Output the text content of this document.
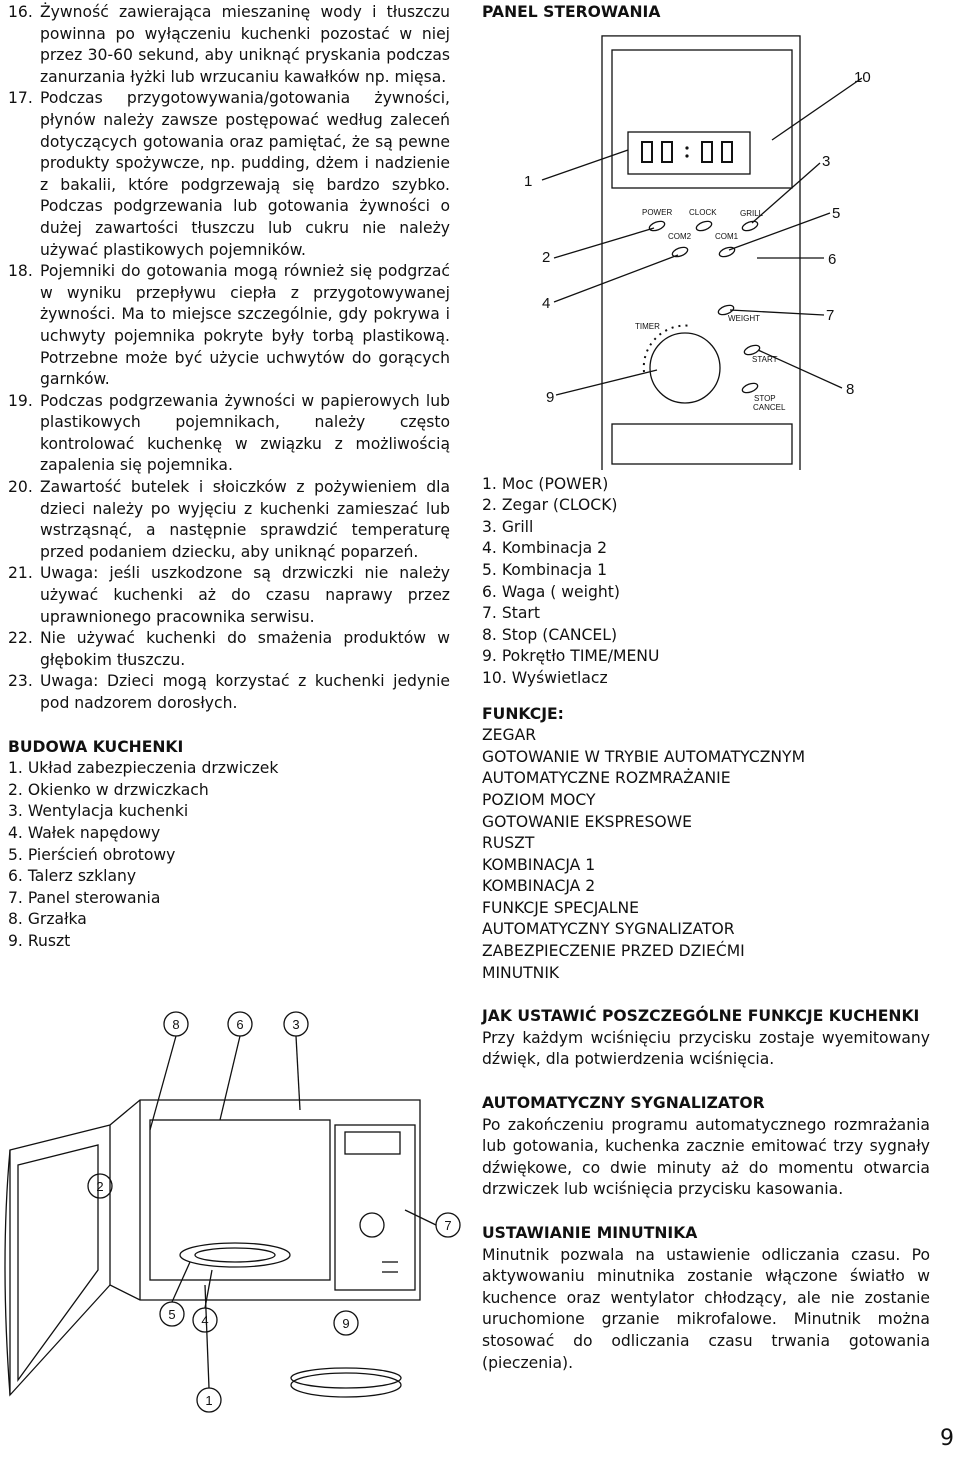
16. Żywność zawierająca mieszaninę wody i tłuszczu powinna po wyłączeniu kuchenki pozostać w niej przez 30-60 sekund, aby uniknąć pryskania podczas zanurzania łyżki lub wrzucaniu kawałków np. mięsa.
17. Podczas przygotowywania/gotowania żywności, płynów należy zawsze postępować według zaleceń dotyczących gotowania oraz pamiętać, że są pewne produkty spożywcze, np. pudding, dżem i nadzienie z bakalii, które podgrzewają się bardzo szybko. Podczas podgrzewania lub gotowania żywności o dużej zawartości tłuszczu lub cukru nie należy używać plastikowych pojemników.
18. Pojemniki do gotowania mogą również się podgrzać w wyniku przepływu ciepła z przygotowywanej żywności. Ma to miejsce szczególnie, gdy pokrywa i uchwyty pojemnika pokryte były torbą plastikową. Potrzebne może być użycie uchwytów do gorących garnków.
19. Podczas podgrzewania żywności w papierowych lub plastikowych pojemnikach, należy często kontrolować kuchenkę w związku z możliwością zapalenia się pojemnika.
20. Zawartość butelek i słoiczków z pożywieniem dla dzieci należy po wyjęciu z kuchenki zamieszać lub wstrząsnąć, a następnie sprawdzić temperaturę przed podaniem dziecku, aby uniknąć poparzeń.
21. Uwaga: jeśli uszkodzone są drzwiczki nie należy używać kuchenki aż do czasu naprawy przez uprawnionego pracownika serwisu.
22. Nie używać kuchenki do smażenia produktów w głębokim tłuszczu.
23. Uwaga: Dzieci mogą korzystać z kuchenki jedynie pod nadzorem dorosłych.
BUDOWA KUCHENKI
1. Układ zabezpieczenia drzwiczek
2. Okienko w drzwiczkach
3. Wentylacja kuchenki
4. Wałek napędowy
5. Pierścień obrotowy
6. Talerz szklany
7. Panel sterowania
8. Grzałka
9. Ruszt
8	6	3
2
7
5 4	9
1
PANEL STEROWANIA
POWER CLOCK	GRILL
COM2	COM1
TIMER
WEIGHT
START
STOP
CANCEL
1
2
4
9
10
3
5
6
7
8
1. Moc (POWER)
2. Zegar (CLOCK)
3. Grill
4. Kombinacja 2
5. Kombinacja 1
6. Waga ( weight)
7. Start
8. Stop (CANCEL)
9. Pokrętło TIME/MENU
10. Wyświetlacz
FUNKCJE:
ZEGAR
GOTOWANIE W TRYBIE AUTOMATYCZNYM
AUTOMATYCZNE ROZMRAŻANIE
POZIOM MOCY
GOTOWANIE EKSPRESOWE
RUSZT
KOMBINACJA 1
KOMBINACJA 2
FUNKCJE SPECJALNE
AUTOMATYCZNY SYGNALIZATOR
ZABEZPIECZENIE PRZED DZIEĆMI
MINUTNIK
JAK USTAWIĆ POSZCZEGÓLNE FUNKCJE KUCHENKI
Przy każdym wciśnięciu przycisku zostaje wyemitowany dźwięk, dla potwierdzenia wciśnięcia.
AUTOMATYCZNY SYGNALIZATOR
Po zakończeniu programu automatycznego rozmrażania lub gotowania, kuchenka zacznie emitować trzy sygnały dźwiękowe, co dwie minuty aż do momentu otwarcia drzwiczek lub wciśnięcia przycisku kasowania.
USTAWIANIE MINUTNIKA
Minutnik pozwala na ustawienie odliczania czasu. Po aktywowaniu minutnika zostanie włączone światło w kuchence oraz wentylator chłodzący, ale nie zostanie uruchomione grzanie mikrofalowe. Minutnik można stosować do odliczania czasu trwania gotowania (pieczenia).
9
